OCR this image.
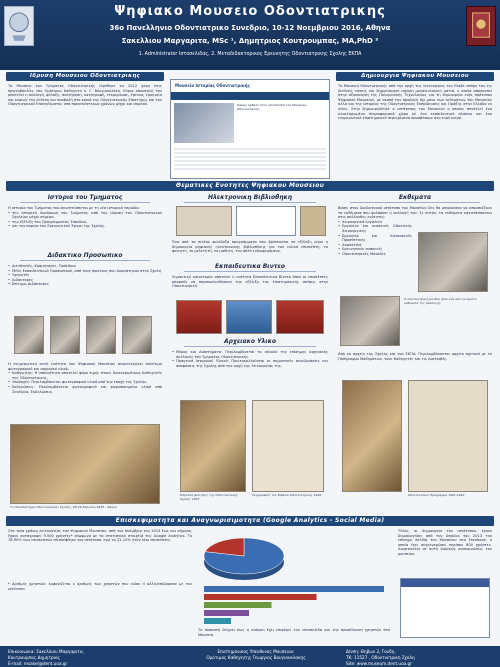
Ψηφιακο Μουσειο Οδοντιατρικης
36ο Πανελληνιο Οδοντιατρικο Συνεδριο, 10-12 Νοεμβριου 2016, Αθηνα
Σακελλιου Μαργαριτα, MSc ¹, Δημητριος Κουτρουμπας, MA,PhD ²
1. Administrator Ιστοσελιδας, 2. Μεταδιδακτορικος Ερευνητης Οδοντιατρικης Σχολης ΕΚΠΑ
Ιδρυση Μουσειου Οδοντιατρικης
Το Μουσείο του Τμήματος Οδοντιατρικής ιδρύθηκε το 2012 χάρη στις πρωτοβουλίες του Ομότιμου Καθηγητή κ. Γ. Βουγιουκλάκη. Κύρια αποστολή του αποτελεί η συλλογή, φύλαξη, συντήρηση, καταγραφή, τεκμηρίωση, έρευνα, ερμηνεία και κυρίως την έκθεση και προβολή στο κοινό της Οδοντιατρικής Επιστήμης και του Οδοντιατρικού Επαγγέλματος από προγενέστερων χρόνων μέχρι και σήμερα.
Μουσείο Ιστορίας Οδοντιατρικής
Καλώς ήρθατε στον ιστοσελίδα του Μουσείου Οδοντιατρικής
Δημιουργια Ψηφιακου Μουσειου
Το Μουσείο Οδοντιατρικής από την αρχή της λειτουργίας του έλαβε υπόψη του τις διεθνείς τάσεις και δημιούργησε ισχυρή μουσειολογική ματιά, η οποία αποσκοπεί στην αξιοποίηση της Πολυμεσικής Τεχνολογίας για τη δημιουργία ενός πρότυπου Ψηφιακού Μουσείου, με σκοπό την προβολή όχι μόνο των εκθεμάτων του Μουσείου αλλά και της Ιστορίας της Οδοντιατρικής Εκπαίδευσης και Πράξης στην Ελλάδα εν γένει. Στην δημιουργήθηκε ο ιστότοπος του Μουσείου ο οποίος αποτελεί ένα ολοκληρωμένο πληροφοριακό χώρο με ένα εκπαιδευτικό πλαίσιο και ένα ενημερωτικό επιστημονικό περιεχόμενο προσβάσιμο στο ευρύ κοινό.
Θεματικες Ενοτητες Ψηφιακου Μουσειου
Ιστορια του Τμηματος
Η ιστορία του Τμήματος που συνεπτύσσεται με τη νέα ιστορική περίοδο:
• την Ιστορική Αναδρομή του Τμήματος από την ίδρυση του Οδοντιατρικού Σχολείου μέχρι σήμερα,
• την εξέλιξη του Προγράμματος Σπουδών,
• και την πορεία του Ερευνητικού Έργου της Σχολής.
Διδακτικο Προσωπικο
• Διευθυντές, Κοσμήτορες, Πρόεδροι
• Μέλη Εκπαιδευτικού Προσωπικού, από τους πρώτους που διορίστηκαν στην Σχολή
• Υφηγητές
• Διδάκτορες
• Επίτιμοι Διδάκτορες
Η ενημερωτική αυτή ενότητα του Ψηφιακού Μουσείου συγκεντρώνει πολύτιμο φωτογραφικό και αρχειακό υλικό.
• Καθηγητής: Η υποενότητα αποτελεί φόρο τιμής στους διακεκριμένους Καθηγητές της Οδοντιατρικής.
• Υποδοχές: Περιλαμβάνεται φωτογραφικό υλικό από την εποχή της Σχολής.
• Εκδηλώσεις: Περιλαμβάνεται φωτογραφικό και ψηφιοποιημένο υλικό από Συνέδρια, Εκδηλώσεις.
Το Πανεπιστήμιο Οδοντιατρικής Σχολής, 28-29 Απριλίου 1935 - Αθήνα
Ηλεκτρονικη Βιβλιοθηκη
Ένα από τα πιλέον φιλόδοξα προγράμματα που βρίσκονται σε εξέλιξη είναι η δημιουργία ψηφιακής ηλεκτρονικής βιβλιοθήκης για τον ειδικό επισκέπτη, το φοιτητή, το μελετητή, το μαθητή, τον απλό ενδιαφερόμενο.
Εκπαιδευτικα Βιντεο
Σημαντική καινοτομία αποτελεί η ενότητα Εκπαιδευτικά Βίντεο όπου οι επισκέπτες μπορούν να παρακολουθήσουν την εξέλιξη της επιστημονικής σκέψης στην Οδοντιατρική.
Αρχειακο Υλικο
• Μέρος και Διαστήματα: Περιλαμβάνεται το σύνολο της επίσημης αρχειακής συλλογής του Τμήματος Οδοντιατρικής.
• Πρακτικά Ιστορικού Υλικού: Πρωτοκολλούνται οι σημαντικές συνεδριάσεις και αποφάσεις της Σχολής από την αρχή της λειτουργίας της.
Καρτέλα φοίτησης της Οδοντιατρικής Σχολής 1937
Συγγραφέας του Βιβλίου Οδοντιατρικής 1946
Εκθεματα
Βάσει στον διαδικτυακό ιστότοπο του Μουσείου δεν θα μπορούσαν να απουσιάζουν τα εκθέματα που φυλάσσει η συλλογή του. Σε αυτόν, τα εκθέματα κατατάσσονται στις ακόλουθες ενότητες:
• Χειρουργικά εργαλεία
• Εργαλεία και συσκευές Οδοντικής Χειρουργικής
• Εργαλεία και Κατασκευές Προσθετικής
• Χαρακτικά
• Ερευνητικές συσκευές
• Οδοντιατρικές Μονάδες
Η οδοντιατρική μονάδα ήταν ένα από τα πρώτα εκθέματα της συλλογής.
Από το αρχείο της Σχολής και του ΕΚΠΑ: Περιλαμβάνονται αρχεία σχετικά με το Πρόγραμμα Μαθημάτων, τους Καθηγητές και τις Διατριβές.
Οδοντιατρικό Πρόγραμμα 1921-1922
Επισκεψιμοτητα και Αναγνωρισιμοτητα (Google Analytics - Social Media)
Στα τρία χρόνια λειτουργίας του Ψηφιακού Μουσείου, από τον Νοέμβριο του 2013 έως και σήμερα, έχουν καταγραφεί 9.500 χρήστες* σύμφωνα με τα στατιστικά στοιχεία της Google Analytics. Το 78,90% των επισκεπτών επισκέφθηκε τον ιστότοπο, ενώ το 21,10% ήταν νέοι επισκέπτες.
* Αριθμός χρηστών: εμφανίζεται ο αριθμός των χρηστών που είδαν ή αλληλεπίδρασαν με τον ιστότοπο.
Το ποσοστό δείχνει πως η ανάγκη έχει επιφέρει την ιστοσελίδα και την προσέλκυση χρηστών στο Μουσείο.
Τέλος, οι δημιουργοί του ιστότοπου, έχουν δημιουργήσει από τον Απρίλιο του 2013 την επίσημη σελίδα του Μουσείου στο Facebook, η οποία έχει συγκεντρώσει περίπου 800 χρήστες. Αναρτώνται σε αυτή διαρκώς ανακοινώσεις του μουσείου.
Επικοινωνια: Σακελλιου Μαργαριτα,
Κουτρουμπας Δημητριος
E-mail: msakel@dent.uoa.gr
Επιστημονικος Υπευθυνος Μουσειου:
Ομοτιμος Καθηγητης Γεωργιος Βουγιουκλακης
Δ/νση: Θηβων 2, Γουδη,
ΤΚ: 11527 , Οδοντιατρικη Σχολη
Site: www.museum.dent.uoa.gr
